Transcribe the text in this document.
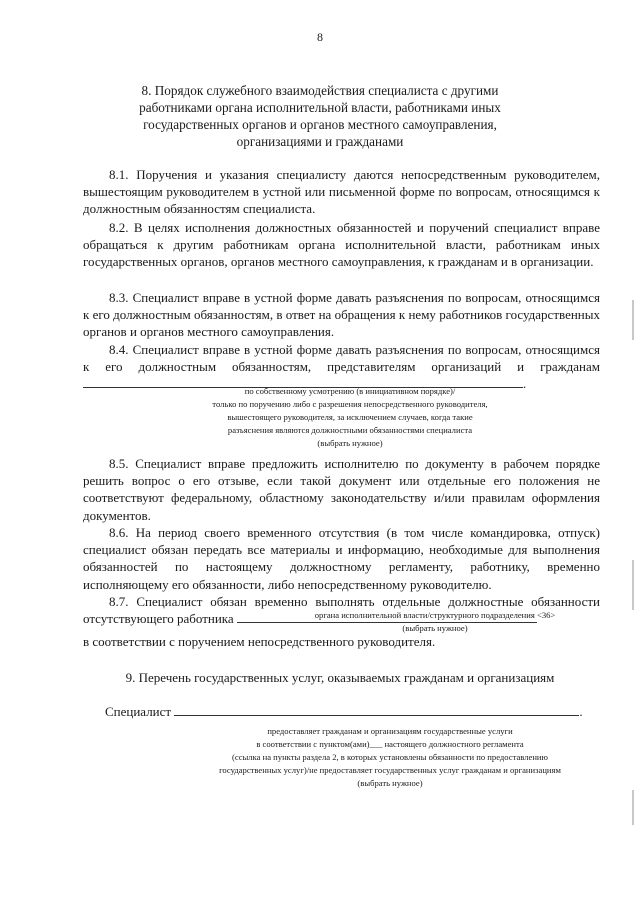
8
8. Порядок служебного взаимодействия специалиста с другими
работниками органа исполнительной власти, работниками иных
государственных органов и органов местного самоуправления,
организациями и гражданами
8.1. Поручения и указания специалисту даются непосредственным руководителем, вышестоящим руководителем в устной или письменной форме по вопросам, относящимся к должностным обязанностям специалиста.
8.2. В целях исполнения должностных обязанностей и поручений специалист вправе обращаться к другим работникам органа исполнительной власти, работникам иных государственных органов, органов местного самоуправления, к гражданам и в организации.
8.3. Специалист вправе в устной форме давать разъяснения по вопросам, относящимся к его должностным обязанностям, в ответ на обращения к нему работников государственных органов и органов местного самоуправления.
8.4. Специалист вправе в устной форме давать разъяснения по вопросам, относящимся к его должностным обязанностям, представителям организаций и гражданам .
по собственному усмотрению (в инициативном порядке)/
только по поручению либо с разрешения непосредственного руководителя,
вышестоящего руководителя, за исключением случаев, когда такие
разъяснения являются должностными обязанностями специалиста
(выбрать нужное)
8.5. Специалист вправе предложить исполнителю по документу в рабочем порядке решить вопрос о его отзыве, если такой документ или отдельные его положения не соответствуют федеральному, областному законодательству и/или правилам оформления документов.
8.6. На период своего временного отсутствия (в том числе командировка, отпуск) специалист обязан передать все материалы и информацию, необходимые для выполнения обязанностей по настоящему должностному регламенту, работнику, временно исполняющему его обязанности, либо непосредственному руководителю.
8.7. Специалист обязан временно выполнять отдельные должностные обязанности отсутствующего работника	органа исполнительной власти/структурного подразделения <36>
(выбрать нужное)
в соответствии с поручением непосредственного руководителя.
9. Перечень государственных услуг, оказываемых гражданам и организациям
Специалист	.
предоставляет гражданам и организациям государственные услуги
в соответствии с пунктом(ами)___ настоящего должностного регламента
(ссылка на пункты раздела 2, в которых установлены обязанности по предоставлению
государственных услуг)/не предоставляет государственных услуг гражданам и организациям
(выбрать нужное)
